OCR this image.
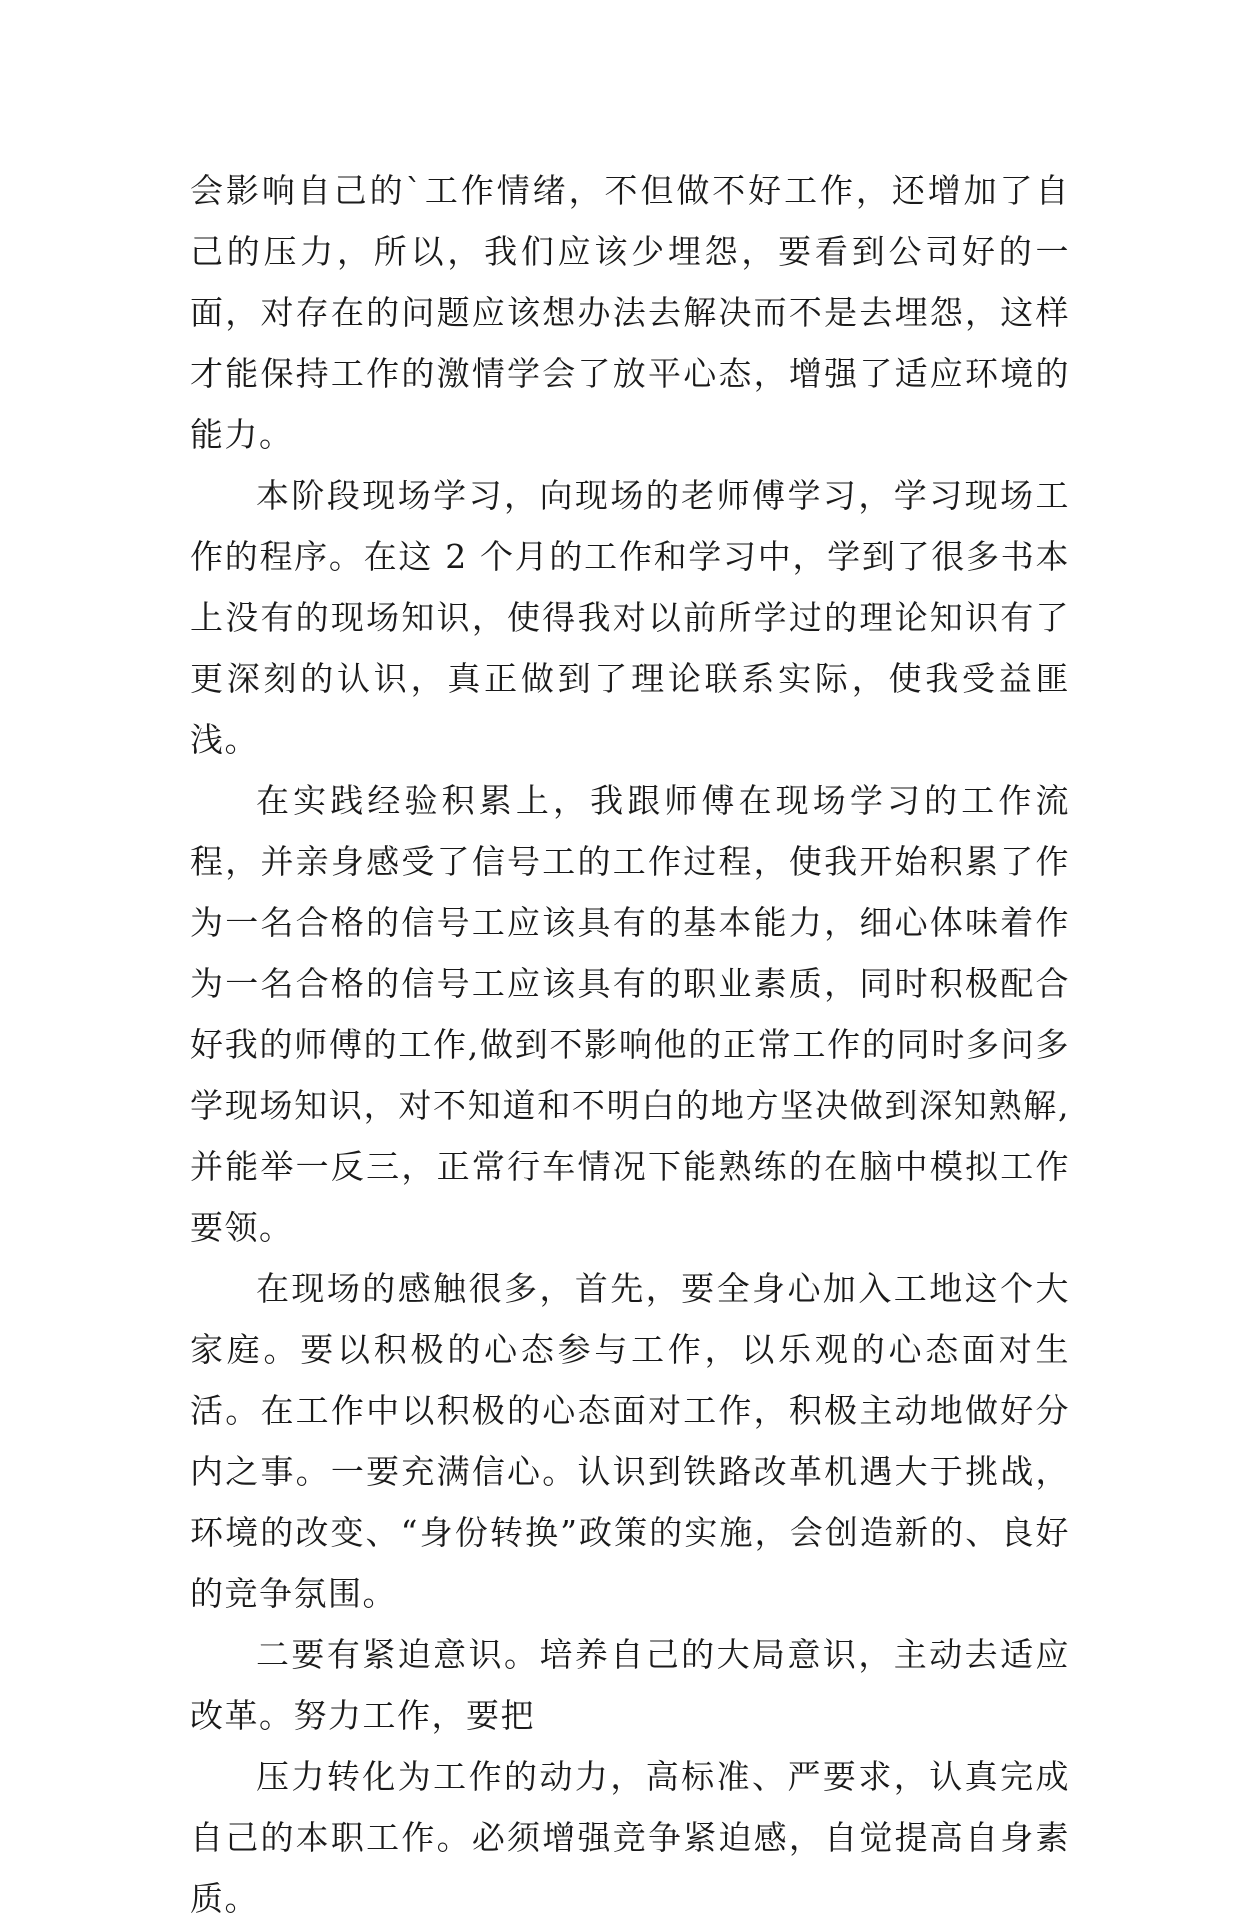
会影响自己的`工作情绪，不但做不好工作，还增加了自己的压力，所以，我们应该少埋怨，要看到公司好的一面，对存在的问题应该想办法去解决而不是去埋怨，这样才能保持工作的激情学会了放平心态，增强了适应环境的能力。

本阶段现场学习，向现场的老师傅学习，学习现场工作的程序。在这 2 个月的工作和学习中，学到了很多书本上没有的现场知识，使得我对以前所学过的理论知识有了更深刻的认识，真正做到了理论联系实际，使我受益匪浅。

在实践经验积累上，我跟师傅在现场学习的工作流程，并亲身感受了信号工的工作过程，使我开始积累了作为一名合格的信号工应该具有的基本能力，细心体味着作为一名合格的信号工应该具有的职业素质，同时积极配合好我的师傅的工作,做到不影响他的正常工作的同时多问多学现场知识，对不知道和不明白的地方坚决做到深知熟解,并能举一反三，正常行车情况下能熟练的在脑中模拟工作要领。

在现场的感触很多，首先，要全身心加入工地这个大家庭。要以积极的心态参与工作，以乐观的心态面对生活。在工作中以积极的心态面对工作，积极主动地做好分内之事。一要充满信心。认识到铁路改革机遇大于挑战，环境的改变、“身份转换”政策的实施，会创造新的、良好的竞争氛围。

二要有紧迫意识。培养自己的大局意识，主动去适应改革。努力工作，要把

压力转化为工作的动力，高标准、严要求，认真完成自己的本职工作。必须增强竞争紧迫感，自觉提高自身素质。
